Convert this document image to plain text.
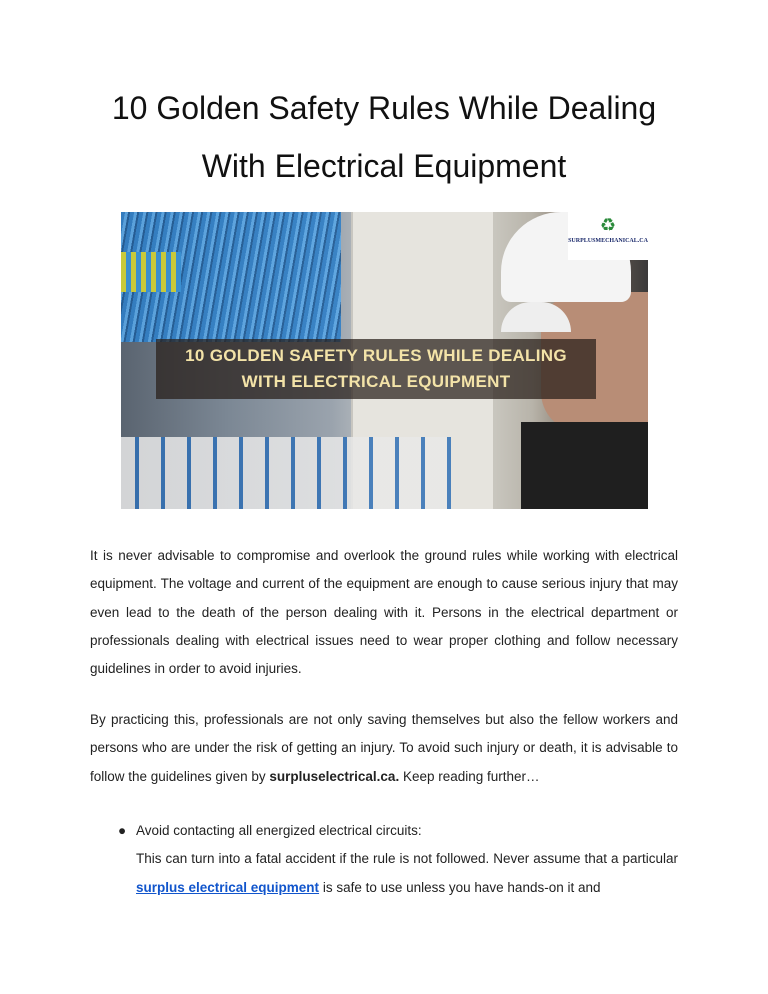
10 Golden Safety Rules While Dealing
With Electrical Equipment
♻
SURPLUSMECHANICAL.CA
10 GOLDEN SAFETY RULES WHILE DEALING
WITH ELECTRICAL EQUIPMENT

It is never advisable to compromise and overlook the ground rules while working with electrical equipment. The voltage and current of the equipment are enough to cause serious injury that may even lead to the death of the person dealing with it. Persons in the electrical department or professionals dealing with electrical issues need to wear proper clothing and follow necessary guidelines in order to avoid injuries.

By practicing this, professionals are not only saving themselves but also the fellow workers and persons who are under the risk of getting an injury. To avoid such injury or death, it is advisable to follow the guidelines given by surpluselectrical.ca. Keep reading further…

● Avoid contacting all energized electrical circuits:
This can turn into a fatal accident if the rule is not followed. Never assume that a particular surplus electrical equipment is safe to use unless you have hands-on it and
